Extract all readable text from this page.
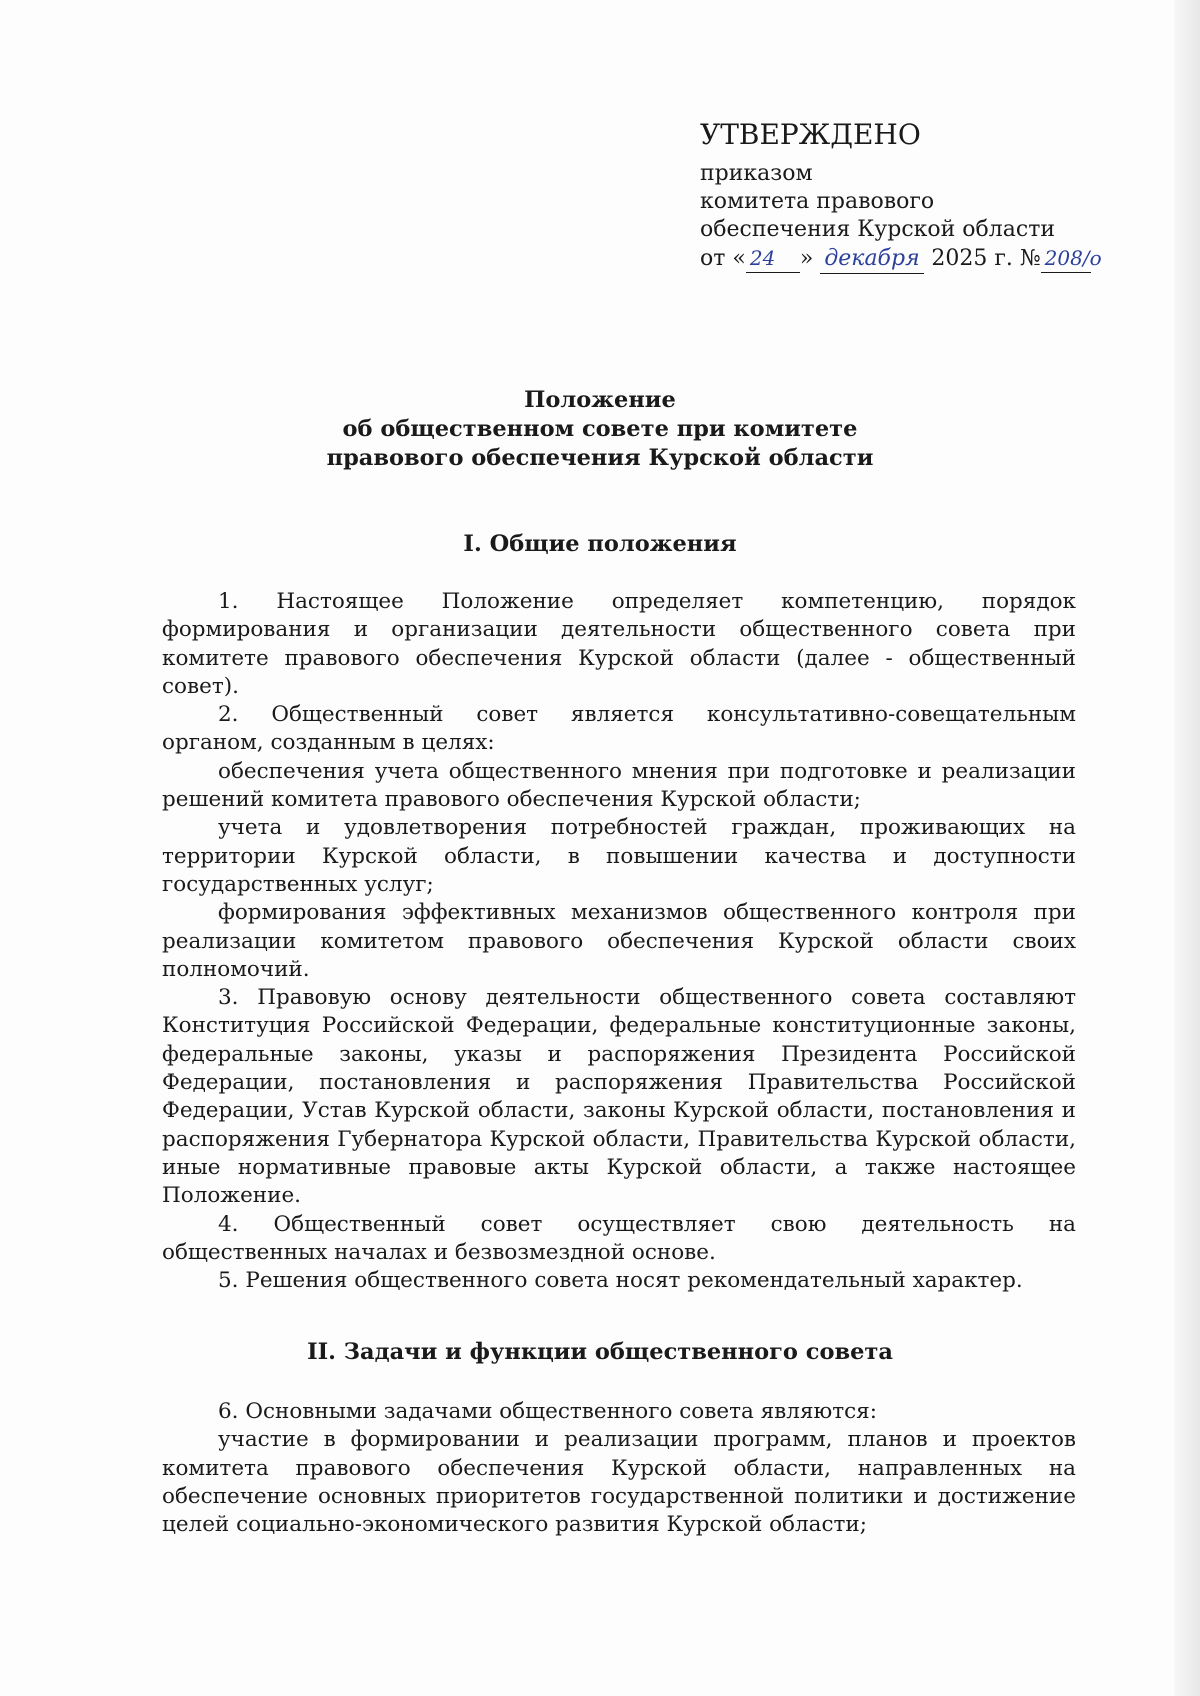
УТВЕРЖДЕНО
приказом
комитета правового
обеспечения Курской области
от « 24 » декабря 2025 г. № 208/о
Положение
об общественном совете при комитете
правового обеспечения Курской области
I. Общие положения

1. Настоящее Положение определяет компетенцию, порядок формирования и организации деятельности общественного совета при комитете правового обеспечения Курской области (далее - общественный совет).

2. Общественный совет является консультативно-совещательным органом, созданным в целях:

обеспечения учета общественного мнения при подготовке и реализации решений комитета правового обеспечения Курской области;

учета и удовлетворения потребностей граждан, проживающих на территории Курской области, в повышении качества и доступности государственных услуг;

формирования эффективных механизмов общественного контроля при реализации комитетом правового обеспечения Курской области своих полномочий.

3. Правовую основу деятельности общественного совета составляют Конституция Российской Федерации, федеральные конституционные законы, федеральные законы, указы и распоряжения Президента Российской Федерации, постановления и распоряжения Правительства Российской Федерации, Устав Курской области, законы Курской области, постановления и распоряжения Губернатора Курской области, Правительства Курской области, иные нормативные правовые акты Курской области, а также настоящее Положение.

4. Общественный совет осуществляет свою деятельность на общественных началах и безвозмездной основе.

5. Решения общественного совета носят рекомендательный характер.

II. Задачи и функции общественного совета

6. Основными задачами общественного совета являются:

участие в формировании и реализации программ, планов и проектов комитета правового обеспечения Курской области, направленных на обеспечение основных приоритетов государственной политики и достижение целей социально-экономического развития Курской области;
